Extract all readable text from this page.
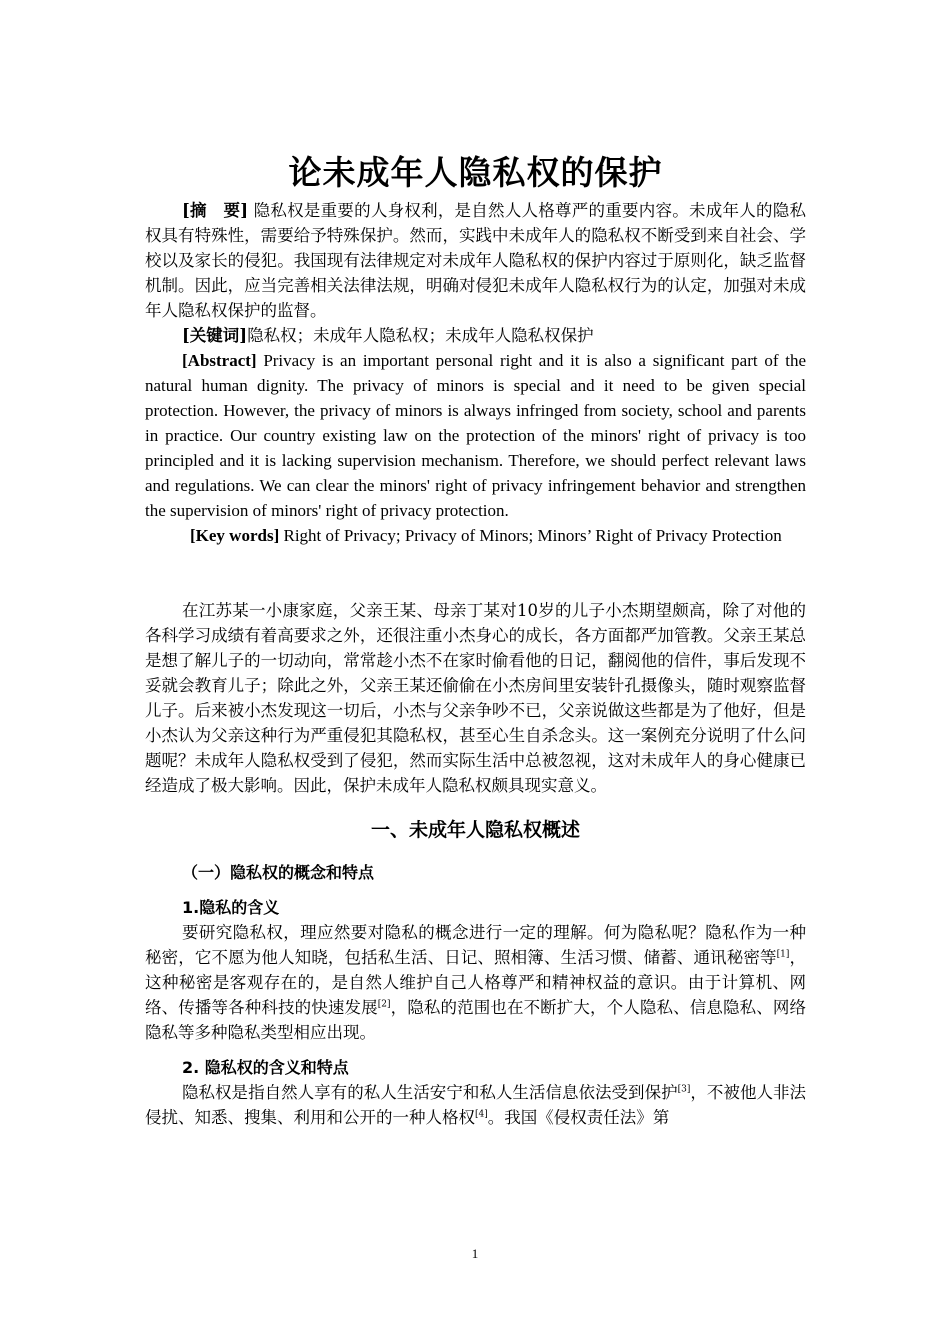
论未成年人隐私权的保护

[摘　要] 隐私权是重要的人身权利，是自然人人格尊严的重要内容。未成年人的隐私权具有特殊性，需要给予特殊保护。然而，实践中未成年人的隐私权不断受到来自社会、学校以及家长的侵犯。我国现有法律规定对未成年人隐私权的保护内容过于原则化，缺乏监督机制。因此，应当完善相关法律法规，明确对侵犯未成年人隐私权行为的认定，加强对未成年人隐私权保护的监督。

[关键词]隐私权；未成年人隐私权；未成年人隐私权保护

[Abstract] Privacy is an important personal right and it is also a significant part of the natural human dignity. The privacy of minors is special and it need to be given special protection. However, the privacy of minors is always infringed from society, school and parents in practice. Our country existing law on the protection of the minors' right of privacy is too principled and it is lacking supervision mechanism. Therefore, we should perfect relevant laws and regulations. We can clear the minors' right of privacy infringement behavior and strengthen the supervision of minors' right of privacy protection.

[Key words] Right of Privacy; Privacy of Minors; Minors’ Right of Privacy Protection

在江苏某一小康家庭，父亲王某、母亲丁某对10岁的儿子小杰期望颇高，除了对他的各科学习成绩有着高要求之外，还很注重小杰身心的成长，各方面都严加管教。父亲王某总是想了解儿子的一切动向，常常趁小杰不在家时偷看他的日记，翻阅他的信件，事后发现不妥就会教育儿子；除此之外，父亲王某还偷偷在小杰房间里安装针孔摄像头，随时观察监督儿子。后来被小杰发现这一切后，小杰与父亲争吵不已，父亲说做这些都是为了他好，但是小杰认为父亲这种行为严重侵犯其隐私权，甚至心生自杀念头。这一案例充分说明了什么问题呢？未成年人隐私权受到了侵犯，然而实际生活中总被忽视，这对未成年人的身心健康已经造成了极大影响。因此，保护未成年人隐私权颇具现实意义。

一、未成年人隐私权概述
（一）隐私权的概念和特点
1.隐私的含义

要研究隐私权，理应然要对隐私的概念进行一定的理解。何为隐私呢？隐私作为一种秘密，它不愿为他人知晓，包括私生活、日记、照相簿、生活习惯、储蓄、通讯秘密等[1]，这种秘密是客观存在的，是自然人维护自己人格尊严和精神权益的意识。由于计算机、网络、传播等各种科技的快速发展[2]，隐私的范围也在不断扩大，个人隐私、信息隐私、网络隐私等多种隐私类型相应出现。

2. 隐私权的含义和特点

隐私权是指自然人享有的私人生活安宁和私人生活信息依法受到保护[3]，不被他人非法侵扰、知悉、搜集、利用和公开的一种人格权[4]。我国《侵权责任法》第

1
